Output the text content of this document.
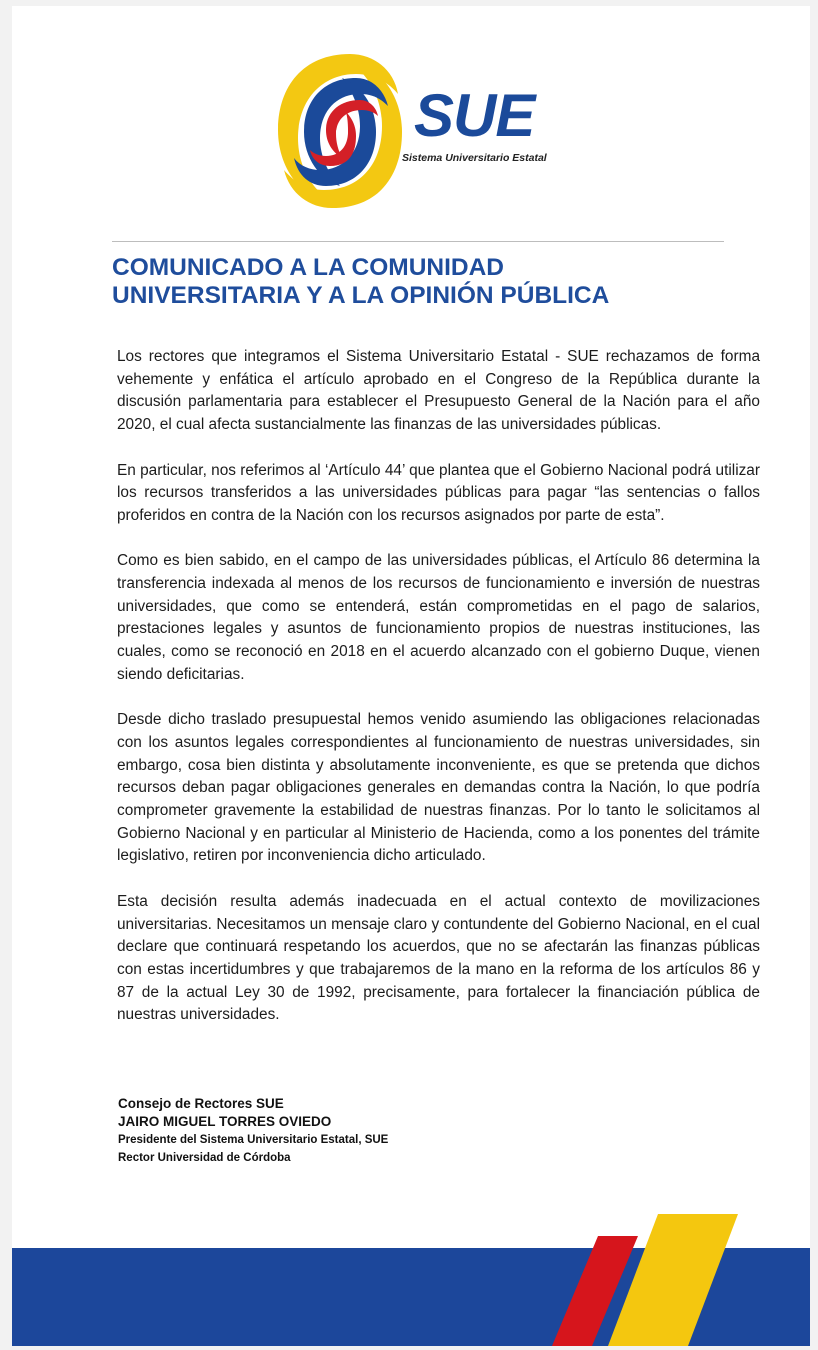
SUE
Sistema Universitario Estatal
COMUNICADO A LA COMUNIDAD
UNIVERSITARIA Y A LA OPINIÓN PÚBLICA

Los rectores que integramos el Sistema Universitario Estatal - SUE rechazamos de forma vehemente y enfática el artículo aprobado en el Congreso de la República durante la discusión parlamentaria para establecer el Presupuesto General de la Nación para el año 2020, el cual afecta sustancialmente las finanzas de las universidades públicas.

En particular, nos referimos al ‘Artículo 44’ que plantea que el Gobierno Nacional podrá utilizar los recursos transferidos a las universidades públicas para pagar “las sentencias o fallos proferidos en contra de la Nación con los recursos asignados por parte de esta”.

Como es bien sabido, en el campo de las universidades públicas, el Artículo 86 determina la transferencia indexada al menos de los recursos de funcionamiento e inversión de nuestras universidades, que como se entenderá, están comprometidas en el pago de salarios, prestaciones legales y asuntos de funcionamiento propios de nuestras instituciones, las cuales, como se reconoció en 2018 en el acuerdo alcanzado con el gobierno Duque, vienen siendo deficitarias.

Desde dicho traslado presupuestal hemos venido asumiendo las obligaciones relacionadas con los asuntos legales correspondientes al funcionamiento de nuestras universidades, sin embargo, cosa bien distinta y absolutamente inconveniente, es que se pretenda que dichos recursos deban pagar obligaciones generales en demandas contra la Nación, lo que podría comprometer gravemente la estabilidad de nuestras finanzas. Por lo tanto le solicitamos al Gobierno Nacional y en particular al Ministerio de Hacienda, como a los ponentes del trámite legislativo, retiren por inconveniencia dicho articulado.

Esta decisión resulta además inadecuada en el actual contexto de movilizaciones universitarias. Necesitamos un mensaje claro y contundente del Gobierno Nacional, en el cual declare que continuará respetando los acuerdos, que no se afectarán las finanzas públicas con estas incertidumbres y que trabajaremos de la mano en la reforma de los artículos 86 y 87 de la actual Ley 30 de 1992, precisamente, para fortalecer la financiación pública de nuestras universidades.

Consejo de Rectores SUE
JAIRO MIGUEL TORRES OVIEDO
Presidente del Sistema Universitario Estatal, SUE
Rector Universidad de Córdoba
